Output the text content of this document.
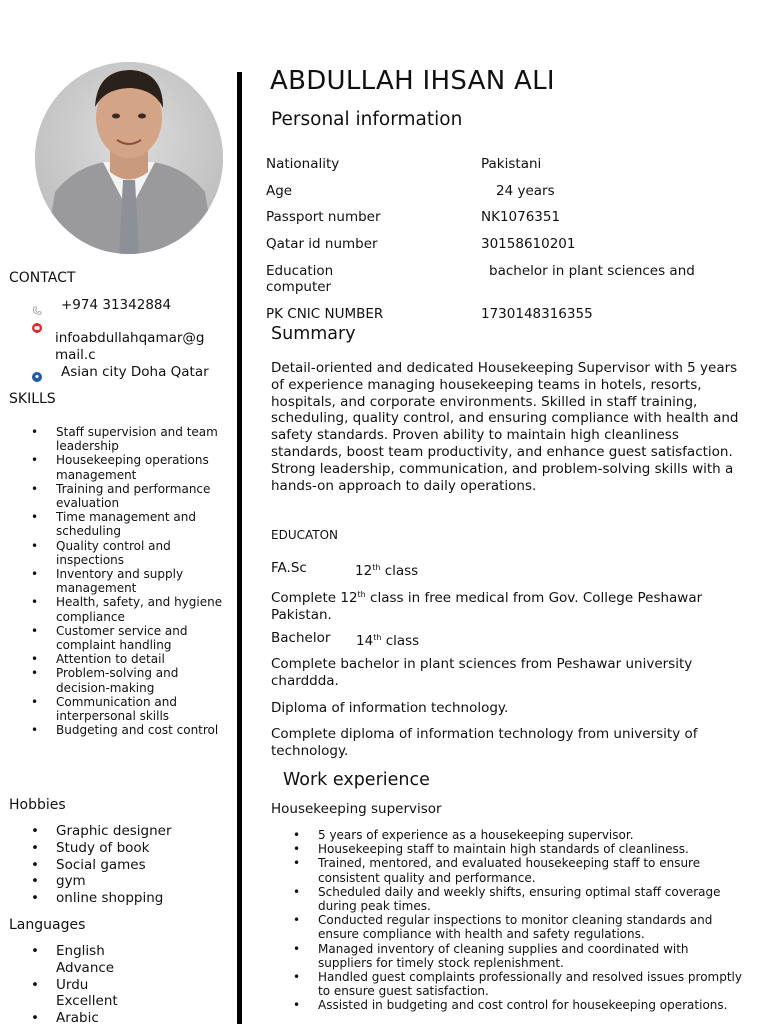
CONTACT
+974 31342884
infoabdullahqamar@g
mail.c
Asian city Doha Qatar
SKILLS
• Staff supervision and team leadership
• Housekeeping operations management
• Training and performance evaluation
• Time management and scheduling
• Quality control and inspections
• Inventory and supply management
• Health, safety, and hygiene compliance
• Customer service and complaint handling
• Attention to detail
• Problem-solving and decision-making
• Communication and interpersonal skills
• Budgeting and cost control
Hobbies
• Graphic designer
• Study of book
• Social games
• gym
• online shopping
Languages
• English
Advance
• Urdu
Excellent
• Arabic
ABDULLAH IHSAN ALI
Personal information
Nationality	Pakistani
Age	24 years
Passport number	NK1076351
Qatar id number	30158610201
Education	bachelor in plant sciences and
computer
PK CNIC NUMBER	1730148316355
Summary
Detail-oriented and dedicated Housekeeping Supervisor with 5 years of experience managing housekeeping teams in hotels, resorts, hospitals, and corporate environments. Skilled in staff training, scheduling, quality control, and ensuring compliance with health and safety standards. Proven ability to maintain high cleanliness standards, boost team productivity, and enhance guest satisfaction. Strong leadership, communication, and problem-solving skills with a hands-on approach to daily operations.
EDUCATON
FA.Sc	12th class
Complete 12th class in free medical from Gov. College Peshawar Pakistan.
Bachelor 14th class
Complete bachelor in plant sciences from Peshawar university charddda.
Diploma of information technology.
Complete diploma of information technology from university of technology.
Work experience
Housekeeping supervisor
• 5 years of experience as a housekeeping supervisor.
• Housekeeping staff to maintain high standards of cleanliness.
• Trained, mentored, and evaluated housekeeping staff to ensure consistent quality and performance.
• Scheduled daily and weekly shifts, ensuring optimal staff coverage during peak times.
• Conducted regular inspections to monitor cleaning standards and ensure compliance with health and safety regulations.
• Managed inventory of cleaning supplies and coordinated with suppliers for timely stock replenishment.
• Handled guest complaints professionally and resolved issues promptly to ensure guest satisfaction.
• Assisted in budgeting and cost control for housekeeping operations.
